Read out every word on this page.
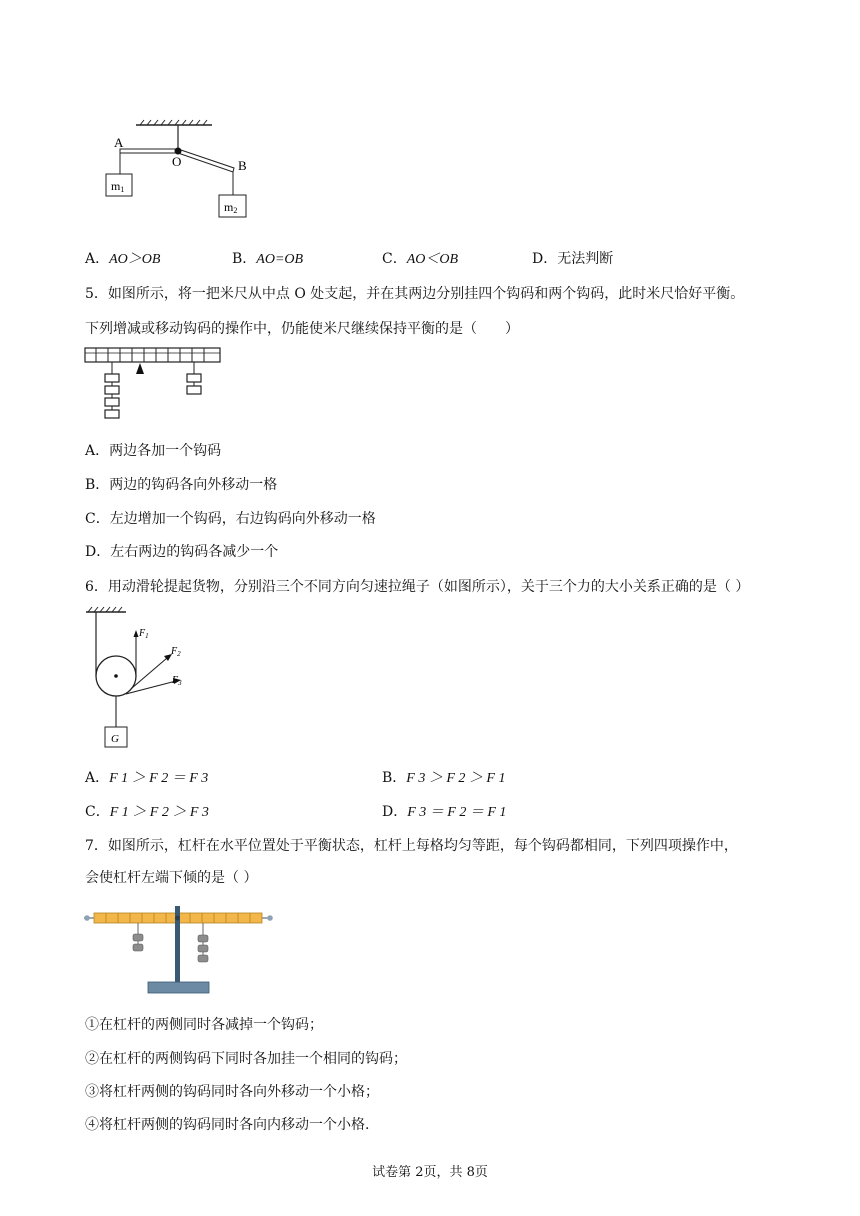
A
O	B
m1
m2
A．AO＞OB	B．AO=OB	C．AO＜OB	D．无法判断
5．如图所示，将一把米尺从中点 O 处支起，并在其两边分别挂四个钩码和两个钩码，此时米尺恰好平衡。
下列增减或移动钩码的操作中，仍能使米尺继续保持平衡的是（　　）
A．两边各加一个钩码
B．两边的钩码各向外移动一格
C．左边增加一个钩码，右边钩码向外移动一格
D．左右两边的钩码各减少一个
6．用动滑轮提起货物，分别沿三个不同方向匀速拉绳子（如图所示），关于三个力的大小关系正确的是（ ）
$F_1$
$F_2$
$F_3$
G
A．F 1 ＞ F 2 ＝ F 3	B．F 3 ＞ F 2 ＞ F 1
C．F 1 ＞ F 2 ＞ F 3	D．F 3 ＝ F 2 ＝ F 1
7．如图所示，杠杆在水平位置处于平衡状态，杠杆上每格均匀等距，每个钩码都相同，下列四项操作中，
会使杠杆左端下倾的是（ ）
①在杠杆的两侧同时各减掉一个钩码；
②在杠杆的两侧钩码下同时各加挂一个相同的钩码；
③将杠杆两侧的钩码同时各向外移动一个小格；
④将杠杆两侧的钩码同时各向内移动一个小格.
试卷第 2页，共 8页
